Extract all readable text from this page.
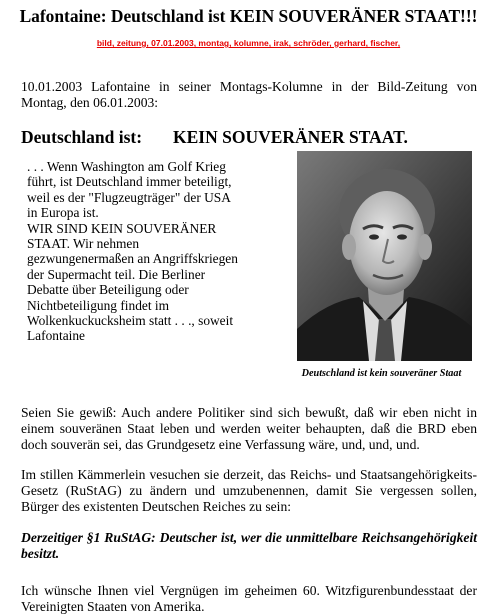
Lafontaine: Deutschland ist KEIN SOUVERÄNER STAAT!!!
bild, zeitung, 07.01.2003, montag, kolumne, irak, schröder, gerhard, fischer,
10.01.2003 Lafontaine in seiner Montags-Kolumne in der Bild-Zeitung von Montag, den 06.01.2003:
Deutschland ist: KEIN SOUVERÄNER STAAT.
. . . Wenn Washington am Golf Krieg
führt, ist Deutschland immer beteiligt,
weil es der "Flugzeugträger" der USA
in Europa ist.
WIR SIND KEIN SOUVERÄNER
STAAT. Wir nehmen
gezwungenermaßen an Angriffskriegen
der Supermacht teil. Die Berliner
Debatte über Beteiligung oder
Nichtbeteiligung findet im
Wolkenkuckucksheim statt . . ., soweit
Lafontaine
Deutschland ist kein souveräner Staat
Seien Sie gewiß: Auch andere Politiker sind sich bewußt, daß wir eben nicht in einem souveränen Staat leben und werden weiter behaupten, daß die BRD eben doch souverän sei, das Grundgesetz eine Verfassung wäre, und, und, und.
Im stillen Kämmerlein vesuchen sie derzeit, das Reichs- und Staatsangehörigkeits-Gesetz (RuStAG) zu ändern und umzubenennen, damit Sie vergessen sollen, Bürger des existenten Deutschen Reiches zu sein:
Derzeitiger §1 RuStAG: Deutscher ist, wer die unmittelbare Reichsangehörigkeit besitzt.
Ich wünsche Ihnen viel Vergnügen im geheimen 60. Witzfigurenbundesstaat der Vereinigten Staaten von Amerika.
